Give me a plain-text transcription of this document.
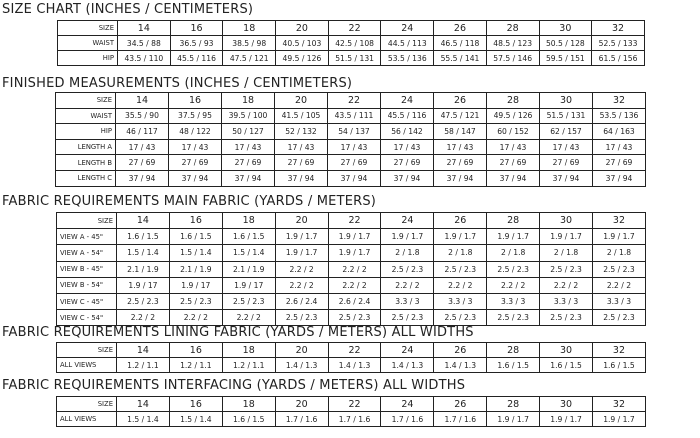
SIZE CHART (INCHES / CENTIMETERS)
SIZE	14	16	18	20	22	24	26	28	30	32
WAIST	34.5 / 88	36.5 / 93	38.5 / 98	40.5 / 103	42.5 / 108	44.5 / 113	46.5 / 118	48.5 / 123	50.5 / 128	52.5 / 133
HIP	43.5 / 110	45.5 / 116	47.5 / 121	49.5 / 126	51.5 / 131	53.5 / 136	55.5 / 141	57.5 / 146	59.5 / 151	61.5 / 156
FINISHED MEASUREMENTS (INCHES / CENTIMETERS)
SIZE	14	16	18	20	22	24	26	28	30	32
WAIST	35.5 / 90	37.5 / 95	39.5 / 100	41.5 / 105	43.5 / 111	45.5 / 116	47.5 / 121	49.5 / 126	51.5 / 131	53.5 / 136
HIP	46 / 117	48 / 122	50 / 127	52 / 132	54 / 137	56 / 142	58 / 147	60 / 152	62 / 157	64 / 163
LENGTH A	17 / 43	17 / 43	17 / 43	17 / 43	17 / 43	17 / 43	17 / 43	17 / 43	17 / 43	17 / 43
LENGTH B	27 / 69	27 / 69	27 / 69	27 / 69	27 / 69	27 / 69	27 / 69	27 / 69	27 / 69	27 / 69
LENGTH C	37 / 94	37 / 94	37 / 94	37 / 94	37 / 94	37 / 94	37 / 94	37 / 94	37 / 94	37 / 94
FABRIC REQUIREMENTS MAIN FABRIC (YARDS / METERS)
SIZE	14	16	18	20	22	24	26	28	30	32
VIEW A - 45"	1.6 / 1.5	1.6 / 1.5	1.6 / 1.5	1.9 / 1.7	1.9 / 1.7	1.9 / 1.7	1.9 / 1.7	1.9 / 1.7	1.9 / 1.7	1.9 / 1.7
VIEW A - 54"	1.5 / 1.4	1.5 / 1.4	1.5 / 1.4	1.9 / 1.7	1.9 / 1.7	2 / 1.8	2 / 1.8	2 / 1.8	2 / 1.8	2 / 1.8
VIEW B - 45"	2.1 / 1.9	2.1 / 1.9	2.1 / 1.9	2.2 / 2	2.2 / 2	2.5 / 2.3	2.5 / 2.3	2.5 / 2.3	2.5 / 2.3	2.5 / 2.3
VIEW B - 54"	1.9 / 17	1.9 / 17	1.9 / 17	2.2 / 2	2.2 / 2	2.2 / 2	2.2 / 2	2.2 / 2	2.2 / 2	2.2 / 2
VIEW C - 45"	2.5 / 2.3	2.5 / 2.3	2.5 / 2.3	2.6 / 2.4	2.6 / 2.4	3.3 / 3	3.3 / 3	3.3 / 3	3.3 / 3	3.3 / 3
VIEW C - 54"	2.2 / 2	2.2 / 2	2.2 / 2	2.5 / 2.3	2.5 / 2.3	2.5 / 2.3	2.5 / 2.3	2.5 / 2.3	2.5 / 2.3	2.5 / 2.3
FABRIC REQUIREMENTS LINING FABRIC (YARDS / METERS) ALL WIDTHS
SIZE	14	16	18	20	22	24	26	28	30	32
ALL VIEWS	1.2 / 1.1	1.2 / 1.1	1.2 / 1.1	1.4 / 1.3	1.4 / 1.3	1.4 / 1.3	1.4 / 1.3	1.6 / 1.5	1.6 / 1.5	1.6 / 1.5
FABRIC REQUIREMENTS INTERFACING (YARDS / METERS) ALL WIDTHS
SIZE	14	16	18	20	22	24	26	28	30	32
ALL VIEWS	1.5 / 1.4	1.5 / 1.4	1.6 / 1.5	1.7 / 1.6	1.7 / 1.6	1.7 / 1.6	1.7 / 1.6	1.9 / 1.7	1.9 / 1.7	1.9 / 1.7
